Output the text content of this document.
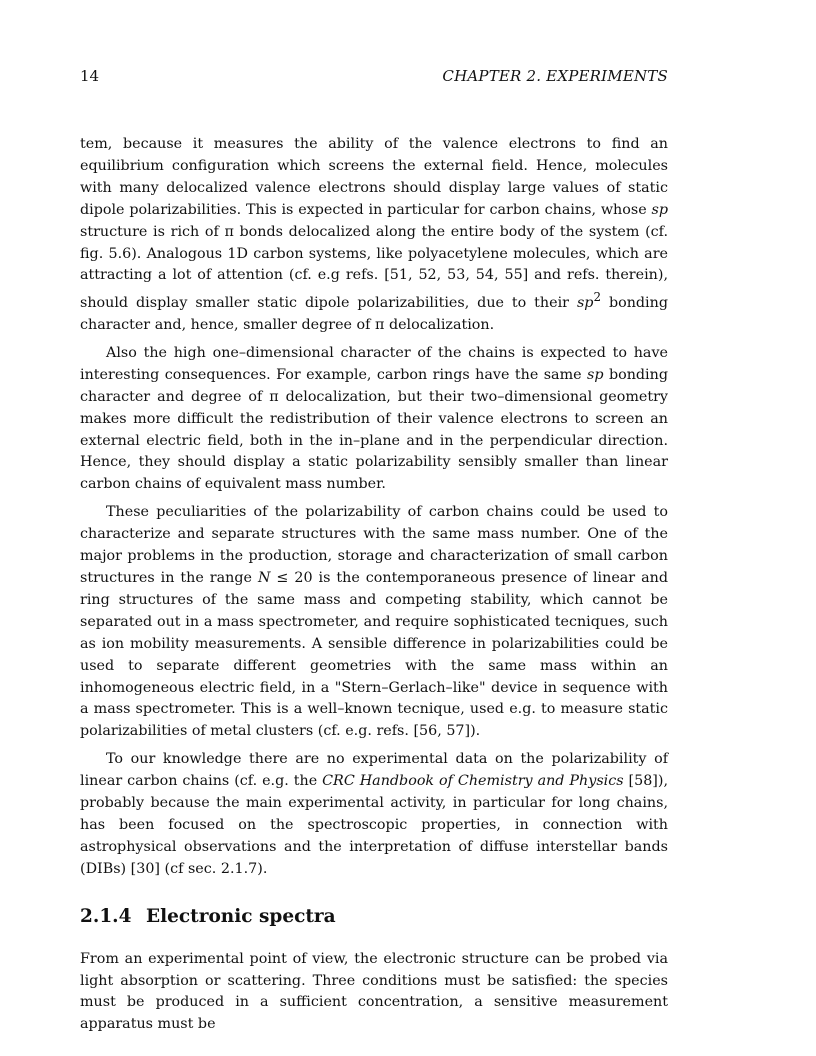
14	CHAPTER 2. EXPERIMENTS

tem, because it measures the ability of the valence electrons to find an equilibrium configuration which screens the external field. Hence, molecules with many delocalized valence electrons should display large values of static dipole polarizabilities. This is expected in particular for carbon chains, whose sp structure is rich of π bonds delocalized along the entire body of the system (cf. fig. 5.6). Analogous 1D carbon systems, like polyacetylene molecules, which are attracting a lot of attention (cf. e.g refs. [51, 52, 53, 54, 55] and refs. therein), should display smaller static dipole polarizabilities, due to their $sp^2$ bonding character and, hence, smaller degree of π delocalization.

Also the high one–dimensional character of the chains is expected to have interesting consequences. For example, carbon rings have the same sp bonding character and degree of π delocalization, but their two–dimensional geometry makes more difficult the redistribution of their valence electrons to screen an external electric field, both in the in–plane and in the perpendicular direction. Hence, they should display a static polarizability sensibly smaller than linear carbon chains of equivalent mass number.

These peculiarities of the polarizability of carbon chains could be used to characterize and separate structures with the same mass number. One of the major problems in the production, storage and characterization of small carbon structures in the range N ≤ 20 is the contemporaneous presence of linear and ring structures of the same mass and competing stability, which cannot be separated out in a mass spectrometer, and require sophisticated tecniques, such as ion mobility measurements. A sensible difference in polarizabilities could be used to separate different geometries with the same mass within an inhomogeneous electric field, in a "Stern–Gerlach–like" device in sequence with a mass spectrometer. This is a well–known tecnique, used e.g. to measure static polarizabilities of metal clusters (cf. e.g. refs. [56, 57]).

To our knowledge there are no experimental data on the polarizability of linear carbon chains (cf. e.g. the CRC Handbook of Chemistry and Physics [58]), probably because the main experimental activity, in particular for long chains, has been focused on the spectroscopic properties, in connection with astrophysical observations and the interpretation of diffuse interstellar bands (DIBs) [30] (cf sec. 2.1.7).

2.1.4 Electronic spectra

From an experimental point of view, the electronic structure can be probed via light absorption or scattering. Three conditions must be satisfied: the species must be produced in a sufficient concentration, a sensitive measurement apparatus must be
